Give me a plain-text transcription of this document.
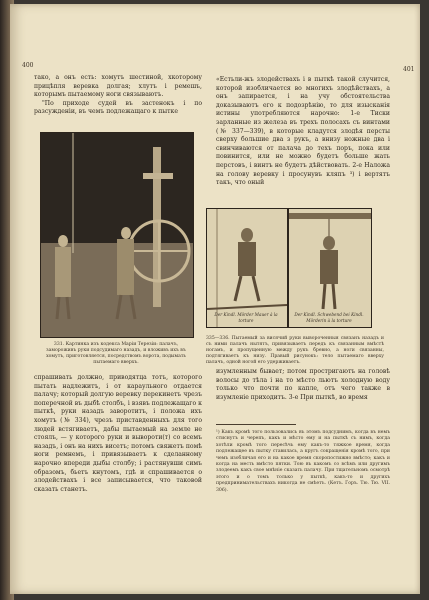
400
401

тако, а онъ есть: хомутъ шестиной, хкоторому прицѣпля веревка долгая; хлутъ і ремешъ, которымъ пытаемому ноги связываютъ.

"По приходе судей въ застенокъ і по разсужденіи, въ чемъ подлежащаго к пытке

331. Картинка изъ кодекса Маріи Терезіи: палачъ, замороживъ руки подсудимаго назадъ, и вложивъ ихъ въ хомутъ, приготовляется, посредствомъ ворота, подымать пытаемаго вверхъ.
спрашивать должно, приводятца тотъ, которого пытать надлежитъ, і от караульного отдается палачу; который долгую веревку перекинетъ чрезъ поперечной въ дыбѣ столбъ, і взявъ подлежащаго к пыткѣ, руки назадъ заворотитъ, і положа ихъ хомутъ (№ 334), чрезъ приставденныхъ для того людей встягиваетъ, дабы пытаемый на земле не стоялъ, — у которого руки и вывороти(т) со всемъ назадъ, і онъ на нихъ висетъ; потомъ свяжетъ помѣ ноги ремнемъ, і привязываетъ к сделанному нарочно впереди дыбы столбу; і растянувши симъ образомъ, бьетъ кнутомъ, гдѣ и спрашивается о злодействахъ і все записывается, что таковой сказать станетъ.
«Естьли-жъ злодейcтвахъ і в пыткѣ такой случится, которой изобличается во многихъ злодѣйствахъ, а онъ запирается, і на учу обстоятельства доказываютъ его к подозрѣнію, то для изысканія истины употребляются нарочно: 1-е Тиски зарланные из железа въ трехъ полосахъ съ винтами (№ 337—339), в которые кладутся злодѣя персты сверху большие два з рукъ, а внизу ножные два і свинчиваются от палача до техъ поръ, пока или повинится, или не можно будетъ больше жать перстовъ, і винтъ не будетъ дѣйствовать. 2-е Наложа на голову веревку і просунувъ кляпъ ³) і вертятъ такъ, что оный
Der Kindl. Mörder Mauer à la torture
Der Kindl. Schwebend bei Kindl. Mörderin à la torture
335—336. Пытаемый за висячий руки вывороченныя связанъ назадъ и съ ними палачъ нытятъ, привязываетъ передъ къ связанным вмѣстѣ ногамъ, и пропущенную между рукъ бревно, а ноги связанны, подтягиваетъ къ низу. Правый рисунокъ: тело пытаемаго вверху палачъ, одной ногой его удерживаетъ.
изумленным бывает; потом простригаютъ на головѣ волосы до тѣла і на то мѣсто льютъ холодную воду только что почти по капле, отъ чего также в изумленіе приходитъ. 3-е При пыткѣ, во время
¹) Какъ кромѣ того пользовались въ этомъ подсуднимъ, когда въ немъ стиснутъ и черепъ, какъ и мѣсто ему и на пыткѣ съ нимъ, когда хотѣли кромѣ того пересѣчь ему какъ-то тяжкое время, когда подлежащее въ пытку ставилась, а кругъ сокращенія кромѣ того, при чемъ изобличая его и на какое время скоропостижно вмѣсто; какъ и когда на месть вмѣсто пятки. Тою въ какомъ со всѣмъ или другимъ злодеемъ какъ свое мнѣніе сказать палачу. При тщательномъ осмотрѣ этого и о томъ только у пыткѣ, какъ-то и другихъ предпринимательствахъ никогда не смѣетъ. (Кетъ. Горъ. Тю. Тю. VII. 306).
